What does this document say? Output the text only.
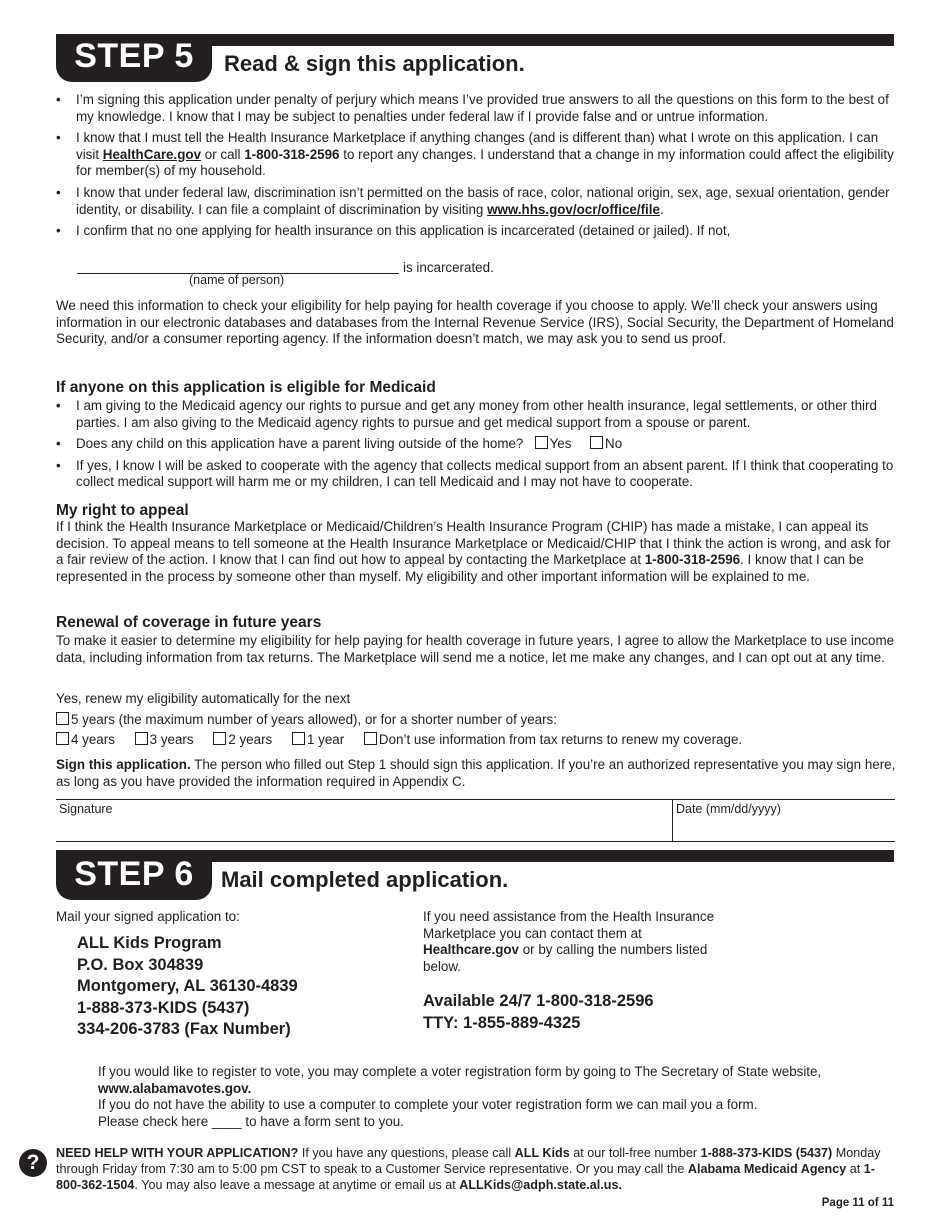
STEP 5	Read & sign this application.
• I’m signing this application under penalty of perjury which means I’ve provided true answers to all the questions on this form to the best of my knowledge. I know that I may be subject to penalties under federal law if I provide false and or untrue information.
• I know that I must tell the Health Insurance Marketplace if anything changes (and is different than) what I wrote on this application. I can visit HealthCare.gov or call 1-800-318-2596 to report any changes. I understand that a change in my information could affect the eligibility for member(s) of my household.
• I know that under federal law, discrimination isn’t permitted on the basis of race, color, national origin, sex, age, sexual orientation, gender identity, or disability. I can file a complaint of discrimination by visiting www.hhs.gov/ocr/office/file.
• I confirm that no one applying for health insurance on this application is incarcerated (detained or jailed). If not,
is incarcerated.
(name of person)
We need this information to check your eligibility for help paying for health coverage if you choose to apply. We’ll check your answers using information in our electronic databases and databases from the Internal Revenue Service (IRS), Social Security, the Department of Homeland Security, and/or a consumer reporting agency. If the information doesn’t match, we may ask you to send us proof.
If anyone on this application is eligible for Medicaid
• I am giving to the Medicaid agency our rights to pursue and get any money from other health insurance, legal settlements, or other third parties. I am also giving to the Medicaid agency rights to pursue and get medical support from a spouse or parent.
• Does any child on this application have a parent living outside of the home? Yes	No
• If yes, I know I will be asked to cooperate with the agency that collects medical support from an absent parent. If I think that cooperating to collect medical support will harm me or my children, I can tell Medicaid and I may not have to cooperate.
My right to appeal
If I think the Health Insurance Marketplace or Medicaid/Children’s Health Insurance Program (CHIP) has made a mistake, I can appeal its decision. To appeal means to tell someone at the Health Insurance Marketplace or Medicaid/CHIP that I think the action is wrong, and ask for a fair review of the action. I know that I can find out how to appeal by contacting the Marketplace at 1-800-318-2596. I know that I can be represented in the process by someone other than myself. My eligibility and other important information will be explained to me.
Renewal of coverage in future years
To make it easier to determine my eligibility for help paying for health coverage in future years, I agree to allow the Marketplace to use income data, including information from tax returns. The Marketplace will send me a notice, let me make any changes, and I can opt out at any time.
Yes, renew my eligibility automatically for the next
5 years (the maximum number of years allowed), or for a shorter number of years:
4 years	3 years	2 years	1 year	Don’t use information from tax returns to renew my coverage.
Sign this application. The person who filled out Step 1 should sign this application. If you’re an authorized representative you may sign here, as long as you have provided the information required in Appendix C.
Signature	Date (mm/dd/yyyy)
STEP 6	Mail completed application.
Mail your signed application to:
ALL Kids Program
P.O. Box 304839
Montgomery, AL 36130-4839
1-888-373-KIDS (5437)
334-206-3783 (Fax Number)
If you need assistance from the Health Insurance Marketplace you can contact them at Healthcare.gov or by calling the numbers listed below.
Available 24/7 1-800-318-2596
TTY: 1-855-889-4325
If you would like to register to vote, you may complete a voter registration form by going to The Secretary of State website, www.alabamavotes.gov.
If you do not have the ability to use a computer to complete your voter registration form we can mail you a form.
Please check here ____ to have a form sent to you.
?	NEED HELP WITH YOUR APPLICATION? If you have any questions, please call ALL Kids at our toll-free number 1-888-373-KIDS (5437) Monday through Friday from 7:30 am to 5:00 pm CST to speak to a Customer Service representative. Or you may call the Alabama Medicaid Agency at 1-800-362-1504. You may also leave a message at anytime or email us at ALLKids@adph.state.al.us.
Page 11 of 11
